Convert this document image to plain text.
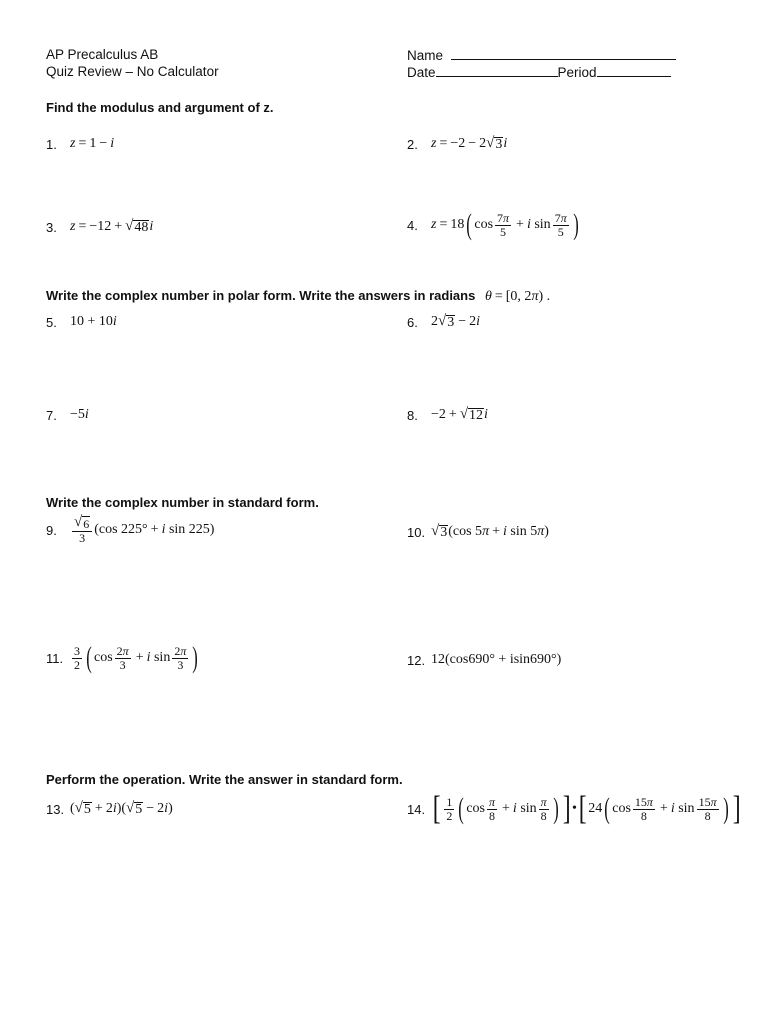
AP Precalculus AB
Quiz Review – No Calculator
Name
Date	Period
Find the modulus and argument of z.
1. z = 1 − i	2. z = −2 − 2 √ 3 i
3. z = −12 + √ 48 i	4. z = 18 ( $\cos \frac{7\pi}{5} + i$ $\sin \frac{7\pi}{5}$ )
Write the complex number in polar form. Write the answers in radians θ = [0, 2 π ) .
5. 10 + 10 i	6. 2 √ 3 − 2 i
7. −5 i	8. −2 + √ 12 i
Write the complex number in standard form.
9.	$\frac{√ 6}{3} (\cos$ 225° + i sin 225)	10. √ 3 (cos 5 π + i sin 5 π )
11. $\frac{3}{2}$ ( $\cos \frac{2\pi}{3} + i$ $\sin \frac{2\pi}{3}$ )	12. 12(cos690° + isin690°)
Perform the operation. Write the answer in standard form.
13. ( √ 5 + 2 i )( √ 5 − 2 i )	14. [ $\frac{1}{2}$ ( $\cos \frac{\pi}{8} + i$ $\sin \frac{\pi}{8}$ ) ] • [ 24 ( $\cos \frac{15\pi}{8} + i$ $\sin \frac{15\pi}{8}$ ) ]
